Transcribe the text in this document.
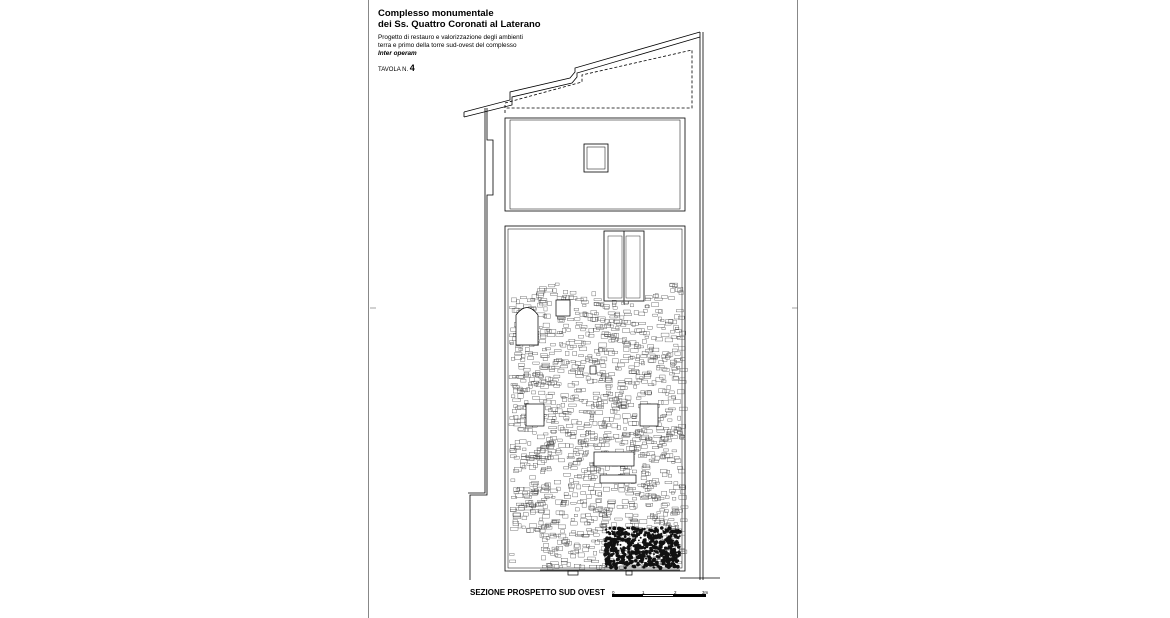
Complesso monumentale
dei Ss. Quattro Coronati al Laterano
Progetto di restauro e valorizzazione degli ambienti
terra e primo della torre sud-ovest del complesso
Inter operam
TAVOLA N. 4
SEZIONE PROSPETTO SUD OVEST 0	1	2	3m
